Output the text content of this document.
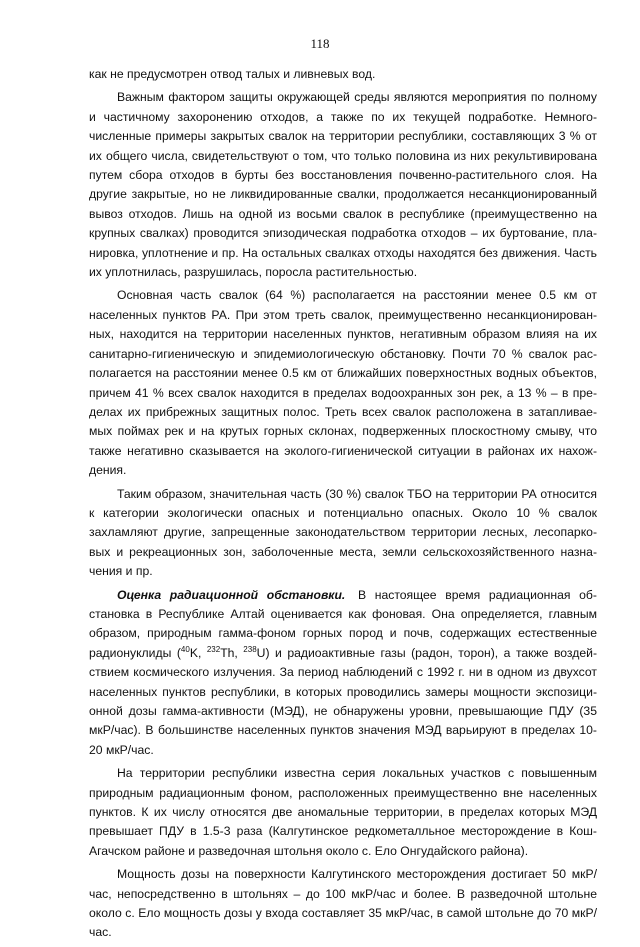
118

как не предусмотрен отвод талых и ливневых вод.

Важным фактором защиты окружающей среды являются мероприятия по полному и частичному захоронению отходов, а также по их текущей подработке. Немногочисленные примеры закрытых свалок на территории республики, составляющих 3 % от их общего числа, свидетельствуют о том, что только половина из них рекультивирована путем сбора отходов в бурты без восстановления почвенно-растительного слоя. На другие закрытые, но не ликвидированные свалки, продолжается несанкционированный вывоз отходов. Лишь на одной из восьми свалок в республике (преимущественно на крупных свалках) проводится эпизодическая подработка отходов – их буртование, планировка, уплотнение и пр. На остальных свалках отходы находятся без движения. Часть их уплотнилась, разрушилась, поросла растительностью.

Основная часть свалок (64 %) располагается на расстоянии менее 0.5 км от населенных пунктов РА. При этом треть свалок, преимущественно несанкционированных, находится на территории населенных пунктов, негативным образом влияя на их санитарно-гигиеническую и эпидемиологическую обстановку. Почти 70 % свалок располагается на расстоянии менее 0.5 км от ближайших поверхностных водных объектов, причем 41 % всех свалок находится в пределах водоохранных зон рек, а 13 % – в пределах их прибрежных защитных полос. Треть всех свалок расположена в затапливаемых поймах рек и на крутых горных склонах, подверженных плоскостному смыву, что также негативно сказывается на эколого-гигиенической ситуации в районах их нахождения.

Таким образом, значительная часть (30 %) свалок ТБО на территории РА относится к категории экологически опасных и потенциально опасных. Около 10 % свалок захламляют другие, запрещенные законодательством территории лесных, лесопарковых и рекреационных зон, заболоченные места, земли сельскохозяйственного назначения и пр.

Оценка радиационной обстановки. В настоящее время радиационная обстановка в Республике Алтай оценивается как фоновая. Она определяется, главным образом, природным гамма-фоном горных пород и почв, содержащих естественные радионуклиды ($^{40}$K, $^{232}$Th, $^{238}$U) и радиоактивные газы (радон, торон), а также воздействием космического излучения. За период наблюдений с 1992 г. ни в одном из двухсот населенных пунктов республики, в которых проводились замеры мощности экспозиционной дозы гамма-активности (МЭД), не обнаружены уровни, превышающие ПДУ (35 мкР/час). В большинстве населенных пунктов значения МЭД варьируют в пределах 10-20 мкР/час.

На территории республики известна серия локальных участков с повышенным природным радиационным фоном, расположенных преимущественно вне населенных пунктов. К их числу относятся две аномальные территории, в пределах которых МЭД превышает ПДУ в 1.5-3 раза (Калгутинское редкометалльное месторождение в Кош-Агачском районе и разведочная штольня около с. Ело Онгудайского района).

Мощность дозы на поверхности Калгутинского месторождения достигает 50 мкР/час, непосредственно в штольнях – до 100 мкР/час и более. В разведочной штольне около с. Ело мощность дозы у входа составляет 35 мкР/час, в самой штольне до 70 мкР/час.
